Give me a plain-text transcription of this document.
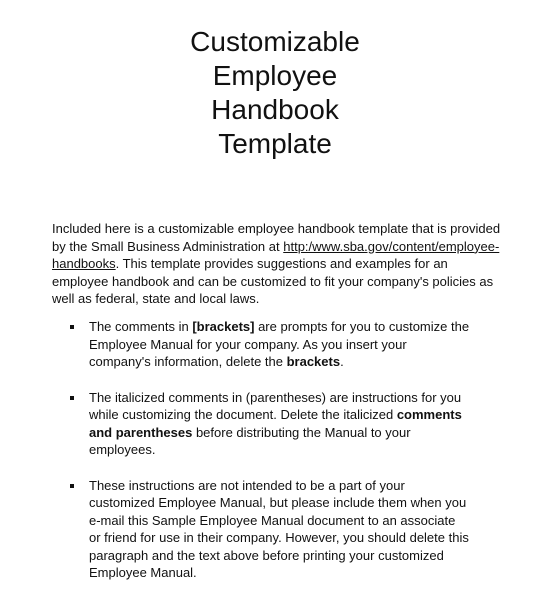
Customizable
Employee
Handbook
Template

Included here is a customizable employee handbook template that is provided by the Small Business Administration at http:/www.sba.gov/content/employee-handbooks. This template provides suggestions and examples for an employee handbook and can be customized to fit your company's policies as well as federal, state and local laws.

The comments in [brackets] are prompts for you to customize the Employee Manual for your company. As you insert your company's information, delete the brackets.
The italicized comments in (parentheses) are instructions for you while customizing the document. Delete the italicized comments and parentheses before distributing the Manual to your employees.
These instructions are not intended to be a part of your customized Employee Manual, but please include them when you e-mail this Sample Employee Manual document to an associate or friend for use in their company. However, you should delete this paragraph and the text above before printing your customized Employee Manual.
